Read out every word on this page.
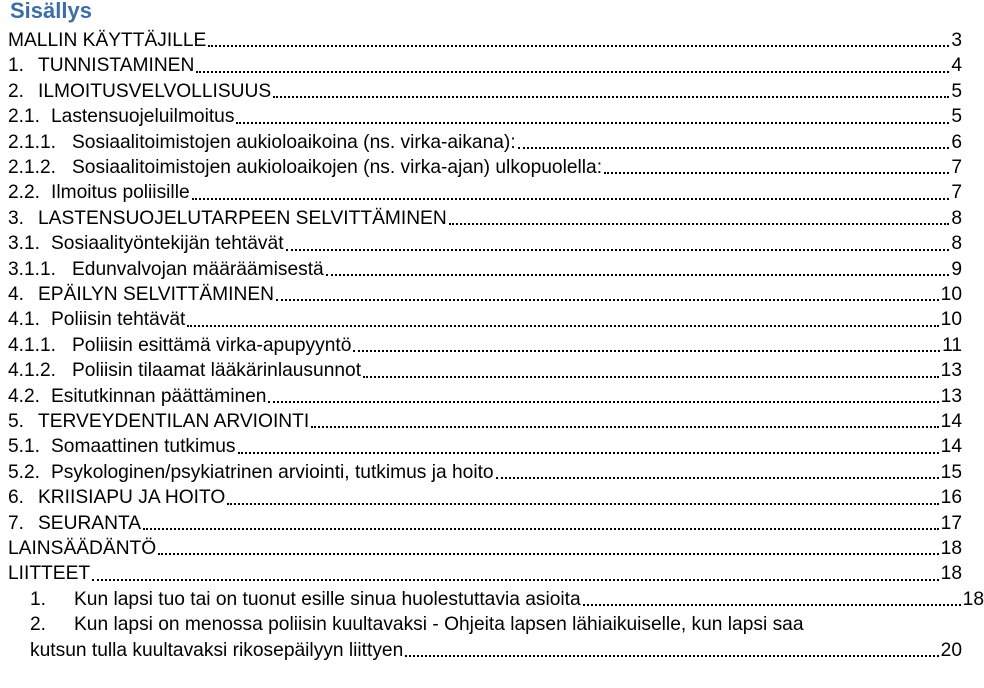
Sisällys
MALLIN KÄYTTÄJILLE	3
1. TUNNISTAMINEN	4
2. ILMOITUSVELVOLLISUUS	5
2.1. Lastensuojeluilmoitus	5
2.1.1. Sosiaalitoimistojen aukioloaikoina (ns. virka-aikana):	6
2.1.2. Sosiaalitoimistojen aukioloaikojen (ns. virka-ajan) ulkopuolella:	7
2.2. Ilmoitus poliisille	7
3. LASTENSUOJELUTARPEEN SELVITTÄMINEN	8
3.1. Sosiaalityöntekijän tehtävät	8
3.1.1. Edunvalvojan määräämisestä	9
4. EPÄILYN SELVITTÄMINEN	10
4.1. Poliisin tehtävät	10
4.1.1. Poliisin esittämä virka-apupyyntö	11
4.1.2. Poliisin tilaamat lääkärinlausunnot	13
4.2. Esitutkinnan päättäminen	13
5. TERVEYDENTILAN ARVIOINTI	14
5.1. Somaattinen tutkimus	14
5.2. Psykologinen/psykiatrinen arviointi, tutkimus ja hoito	15
6. KRIISIAPU JA HOITO	16
7. SEURANTA	17
LAINSÄÄDÄNTÖ	18
LIITTEET	18
1.	Kun lapsi tuo tai on tuonut esille sinua huolestuttavia asioita	18
2.	Kun lapsi on menossa poliisin kuultavaksi - Ohjeita lapsen lähiaikuiselle, kun lapsi saa
kutsun tulla kuultavaksi rikosepäilyyn liittyen	20
